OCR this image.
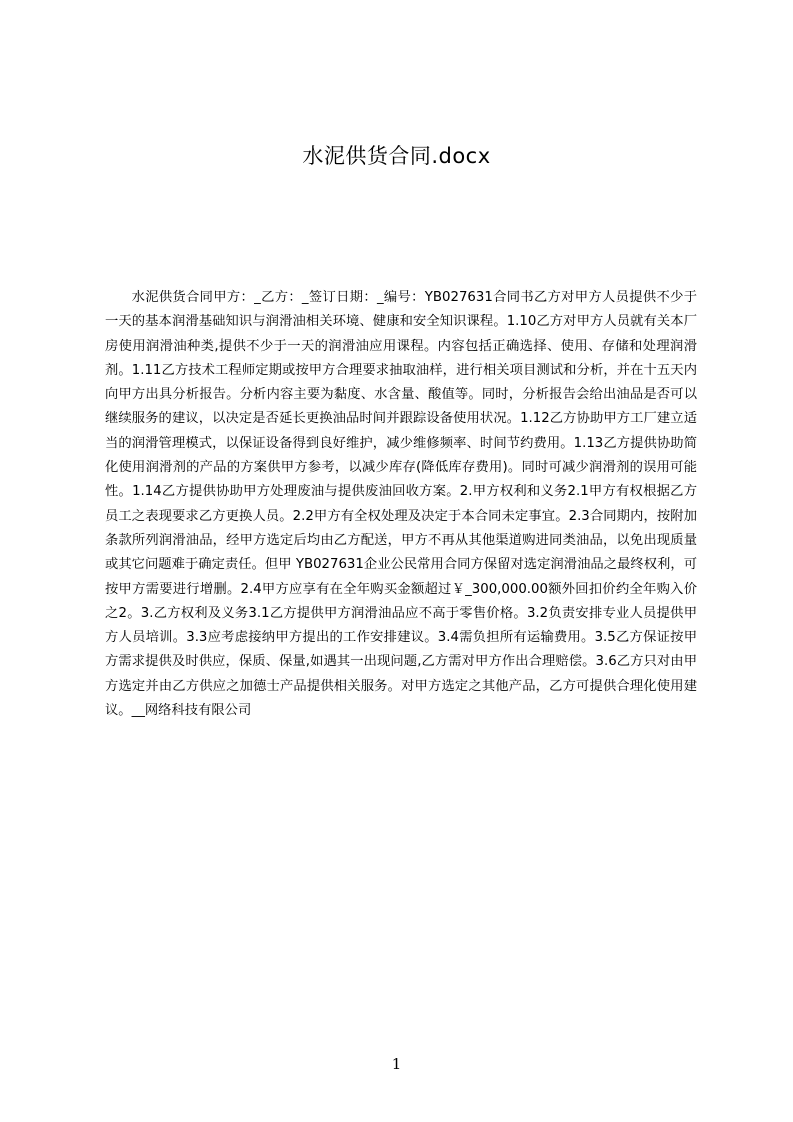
水泥供货合同.docx

水泥供货合同甲方：_乙方：_签订日期：_编号：YB027631合同书乙方对甲方人员提供不少于一天的基本润滑基础知识与润滑油相关环境、健康和安全知识课程。1.10乙方对甲方人员就有关本厂房使用润滑油种类,提供不少于一天的润滑油应用课程。内容包括正确选择、使用、存储和处理润滑剂。1.11乙方技术工程师定期或按甲方合理要求抽取油样，进行相关项目测试和分析，并在十五天内向甲方出具分析报告。分析内容主要为黏度、水含量、酸值等。同时，分析报告会给出油品是否可以继续服务的建议，以决定是否延长更换油品时间并跟踪设备使用状况。1.12乙方协助甲方工厂建立适当的润滑管理模式，以保证设备得到良好维护，减少维修频率、时间节约费用。1.13乙方提供协助简化使用润滑剂的产品的方案供甲方参考，以减少库存(降低库存费用)。同时可减少润滑剂的误用可能性。1.14乙方提供协助甲方处理废油与提供废油回收方案。2.甲方权利和义务2.1甲方有权根据乙方员工之表现要求乙方更换人员。2.2甲方有全权处理及决定于本合同未定事宜。2.3合同期内，按附加条款所列润滑油品，经甲方选定后均由乙方配送，甲方不再从其他渠道购进同类油品，以免出现质量或其它问题难于确定责任。但甲 YB027631企业公民常用合同方保留对选定润滑油品之最终权利，可按甲方需要进行增删。2.4甲方应享有在全年购买金额超过￥_300,000.00额外回扣价约全年购入价之2。3.乙方权利及义务3.1乙方提供甲方润滑油品应不高于零售价格。3.2负责安排专业人员提供甲方人员培训。3.3应考虑接纳甲方提出的工作安排建议。3.4需负担所有运输费用。3.5乙方保证按甲方需求提供及时供应，保质、保量,如遇其一出现问题,乙方需对甲方作出合理赔偿。3.6乙方只对由甲方选定并由乙方供应之加德士产品提供相关服务。对甲方选定之其他产品，乙方可提供合理化使用建议。__网络科技有限公司

1
